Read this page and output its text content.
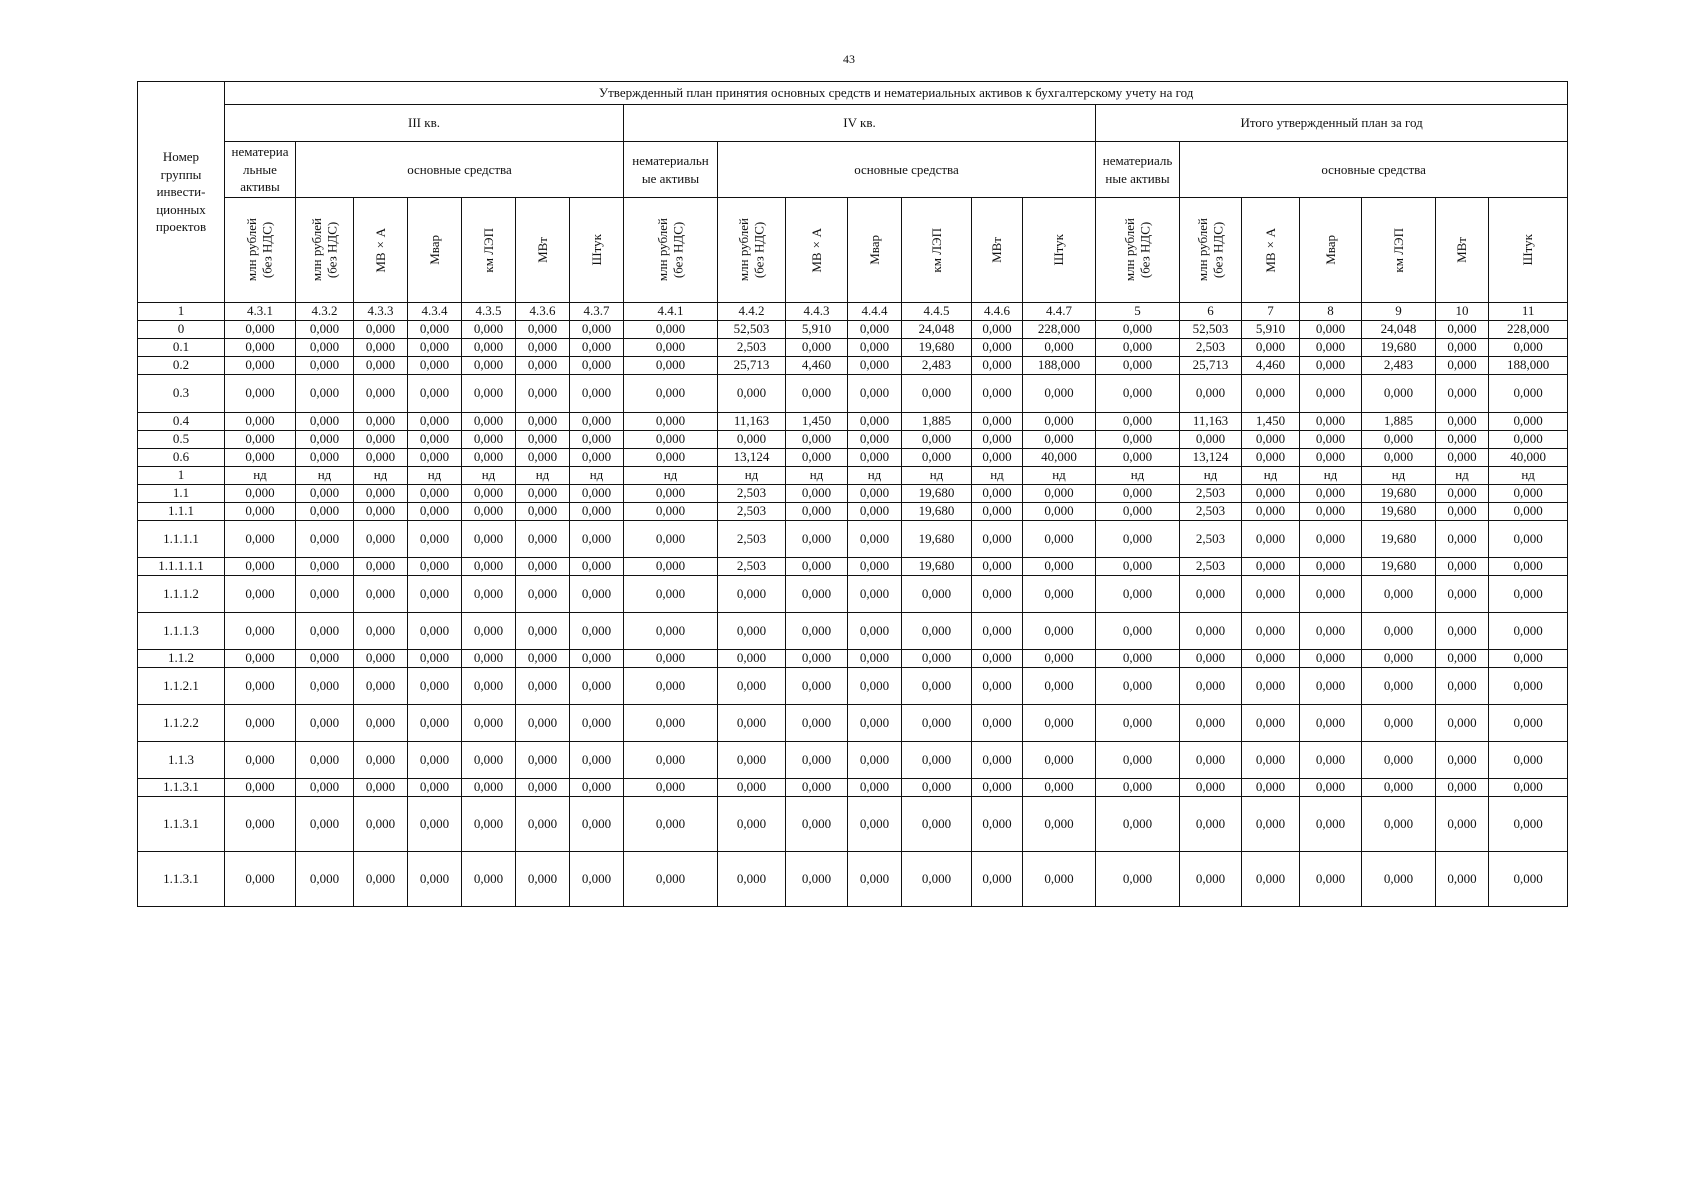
43
Номер
группы
инвести-
ционных
проектов	Утвержденный план принятия основных средств и нематериальных активов к бухгалтерскому учету на год																				
	III кв.							IV кв.							Итого утвержденный план за год						
	нематериа
льные
активы	основные средства						нематериальн
ые активы	основные средства						нематериаль
ные активы	основные средства					

	млн рублей
(без НДС)	млн рублей
(без НДС)	МВ×А	Мвар	км ЛЭП	МВт	Штук	млн рублей
(без НДС)	млн рублей
(без НДС)	МВ×А	Мвар	км ЛЭП	МВт	Штук	млн рублей
(без НДС)	млн рублей
(без НДС)	МВ×А	Мвар	км ЛЭП	МВт	Штук

1	4.3.1	4.3.2	4.3.3	4.3.4	4.3.5	4.3.6	4.3.7	4.4.1	4.4.2	4.4.3	4.4.4	4.4.5	4.4.6	4.4.7	5	6	7	8	9	10	11
0	0,000	0,000	0,000	0,000	0,000	0,000	0,000	0,000	52,503	5,910	0,000	24,048	0,000	228,000	0,000	52,503	5,910	0,000	24,048	0,000	228,000
0.1	0,000	0,000	0,000	0,000	0,000	0,000	0,000	0,000	2,503	0,000	0,000	19,680	0,000	0,000	0,000	2,503	0,000	0,000	19,680	0,000	0,000
0.2	0,000	0,000	0,000	0,000	0,000	0,000	0,000	0,000	25,713	4,460	0,000	2,483	0,000	188,000	0,000	25,713	4,460	0,000	2,483	0,000	188,000
0.3	0,000	0,000	0,000	0,000	0,000	0,000	0,000	0,000	0,000	0,000	0,000	0,000	0,000	0,000	0,000	0,000	0,000	0,000	0,000	0,000	0,000
0.4	0,000	0,000	0,000	0,000	0,000	0,000	0,000	0,000	11,163	1,450	0,000	1,885	0,000	0,000	0,000	11,163	1,450	0,000	1,885	0,000	0,000
0.5	0,000	0,000	0,000	0,000	0,000	0,000	0,000	0,000	0,000	0,000	0,000	0,000	0,000	0,000	0,000	0,000	0,000	0,000	0,000	0,000	0,000
0.6	0,000	0,000	0,000	0,000	0,000	0,000	0,000	0,000	13,124	0,000	0,000	0,000	0,000	40,000	0,000	13,124	0,000	0,000	0,000	0,000	40,000
1	нд	нд	нд	нд	нд	нд	нд	нд	нд	нд	нд	нд	нд	нд	нд	нд	нд	нд	нд	нд	нд
1.1	0,000	0,000	0,000	0,000	0,000	0,000	0,000	0,000	2,503	0,000	0,000	19,680	0,000	0,000	0,000	2,503	0,000	0,000	19,680	0,000	0,000
1.1.1	0,000	0,000	0,000	0,000	0,000	0,000	0,000	0,000	2,503	0,000	0,000	19,680	0,000	0,000	0,000	2,503	0,000	0,000	19,680	0,000	0,000
1.1.1.1	0,000	0,000	0,000	0,000	0,000	0,000	0,000	0,000	2,503	0,000	0,000	19,680	0,000	0,000	0,000	2,503	0,000	0,000	19,680	0,000	0,000
1.1.1.1.1	0,000	0,000	0,000	0,000	0,000	0,000	0,000	0,000	2,503	0,000	0,000	19,680	0,000	0,000	0,000	2,503	0,000	0,000	19,680	0,000	0,000
1.1.1.2	0,000	0,000	0,000	0,000	0,000	0,000	0,000	0,000	0,000	0,000	0,000	0,000	0,000	0,000	0,000	0,000	0,000	0,000	0,000	0,000	0,000
1.1.1.3	0,000	0,000	0,000	0,000	0,000	0,000	0,000	0,000	0,000	0,000	0,000	0,000	0,000	0,000	0,000	0,000	0,000	0,000	0,000	0,000	0,000
1.1.2	0,000	0,000	0,000	0,000	0,000	0,000	0,000	0,000	0,000	0,000	0,000	0,000	0,000	0,000	0,000	0,000	0,000	0,000	0,000	0,000	0,000
1.1.2.1	0,000	0,000	0,000	0,000	0,000	0,000	0,000	0,000	0,000	0,000	0,000	0,000	0,000	0,000	0,000	0,000	0,000	0,000	0,000	0,000	0,000
1.1.2.2	0,000	0,000	0,000	0,000	0,000	0,000	0,000	0,000	0,000	0,000	0,000	0,000	0,000	0,000	0,000	0,000	0,000	0,000	0,000	0,000	0,000
1.1.3	0,000	0,000	0,000	0,000	0,000	0,000	0,000	0,000	0,000	0,000	0,000	0,000	0,000	0,000	0,000	0,000	0,000	0,000	0,000	0,000	0,000
1.1.3.1	0,000	0,000	0,000	0,000	0,000	0,000	0,000	0,000	0,000	0,000	0,000	0,000	0,000	0,000	0,000	0,000	0,000	0,000	0,000	0,000	0,000
1.1.3.1	0,000	0,000	0,000	0,000	0,000	0,000	0,000	0,000	0,000	0,000	0,000	0,000	0,000	0,000	0,000	0,000	0,000	0,000	0,000	0,000	0,000
1.1.3.1	0,000	0,000	0,000	0,000	0,000	0,000	0,000	0,000	0,000	0,000	0,000	0,000	0,000	0,000	0,000	0,000	0,000	0,000	0,000	0,000	0,000
